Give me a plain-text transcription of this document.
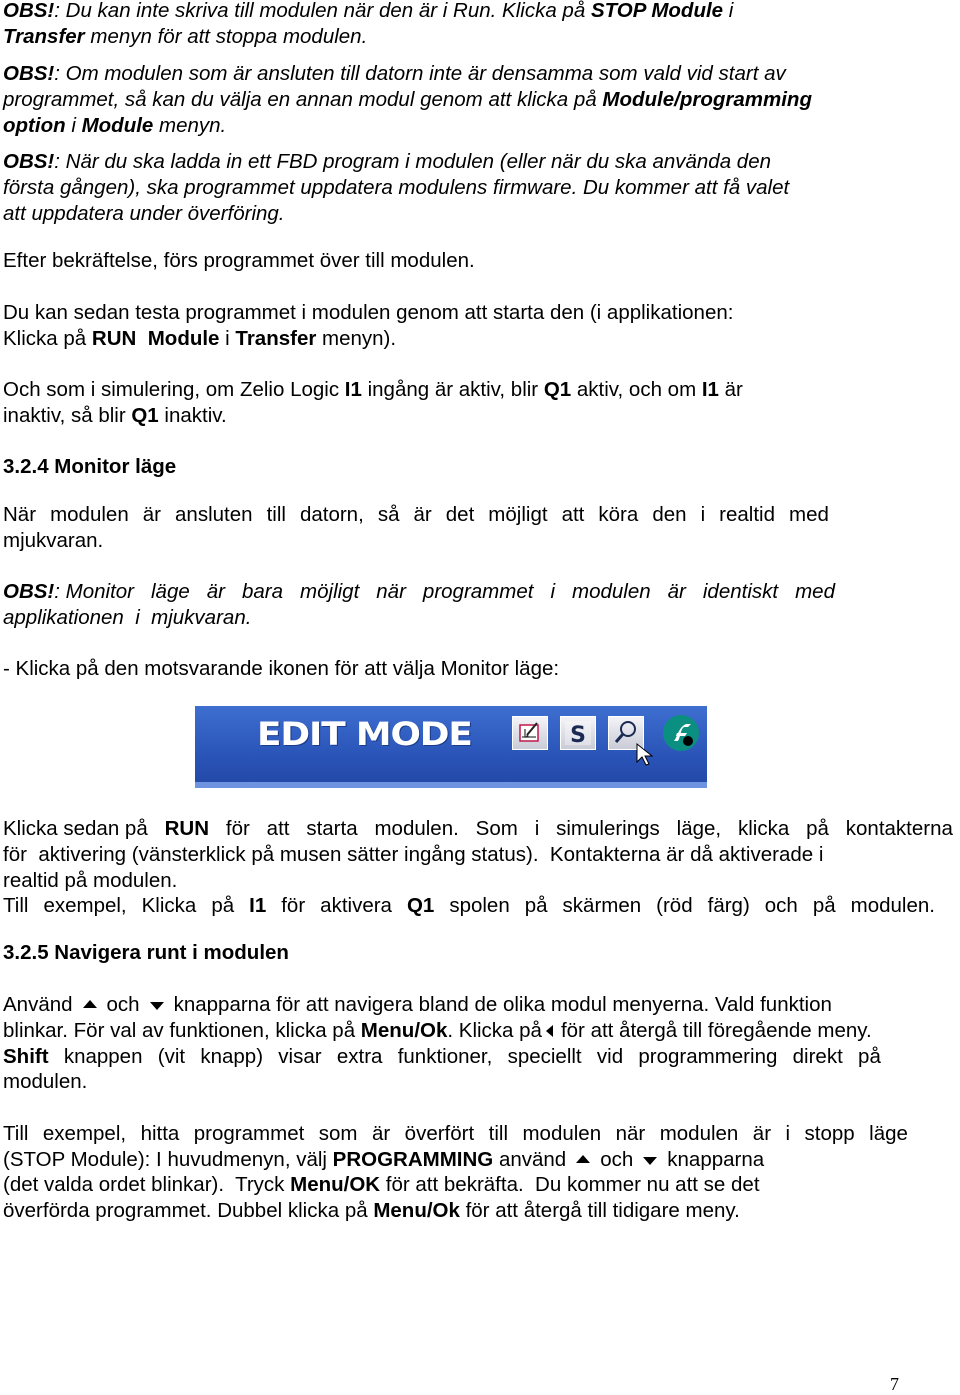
OBS!: Du kan inte skriva till modulen när den är i Run. Klicka på STOP Module i
Transfer menyn för att stoppa modulen.
OBS!: Om modulen som är ansluten till datorn inte är densamma som vald vid start av
programmet, så kan du välja en annan modul genom att klicka på Module/programming
option i Module menyn.
OBS!: När du ska ladda in ett FBD program i modulen (eller när du ska använda den
första gången), ska programmet uppdatera modulens firmware. Du kommer att få valet
att uppdatera under överföring.
Efter bekräftelse, förs programmet över till modulen.
Du kan sedan testa programmet i modulen genom att starta den (i applikationen:
Klicka på RUN Module i Transfer menyn).
Och som i simulering, om Zelio Logic I1 ingång är aktiv, blir Q1 aktiv, och om I1 är
inaktiv, så blir Q1 inaktiv.
3.2.4 Monitor läge
När modulen är ansluten till datorn, så är det möjligt att köra den i realtid med
mjukvaran.
OBS!: Monitor läge är bara möjligt när programmet i modulen är identiskt med
applikationen  i  mjukvaran.
- Klicka på den motsvarande ikonen för att välja Monitor läge:
Klicka sedan på RUN för att starta modulen. Som i simulerings läge, klicka på kontakterna
för  aktivering (vänsterklick på musen sätter ingång status).  Kontakterna är då aktiverade i
realtid på modulen.
Till exempel, Klicka på I1 för aktivera Q1 spolen på skärmen (röd färg) och på modulen.
3.2.5 Navigera runt i modulen
Använd och knapparna för att navigera bland de olika modul menyerna. Vald funktion
blinkar. För val av funktionen, klicka på Menu/Ok. Klicka på för att återgå till föregående meny.
Shift knappen (vit knapp) visar extra funktioner, speciellt vid programmering direkt på
modulen.
Till exempel, hitta programmet som är överfört till modulen när modulen är i stopp läge
(STOP Module): I huvudmenyn, välj PROGRAMMING använd och knapparna
(det valda ordet blinkar).  Tryck Menu/OK för att bekräfta.  Du kommer nu att se det
överförda programmet. Dubbel klicka på Menu/Ok för att återgå till tidigare meny.
EDIT MODE	S
7
